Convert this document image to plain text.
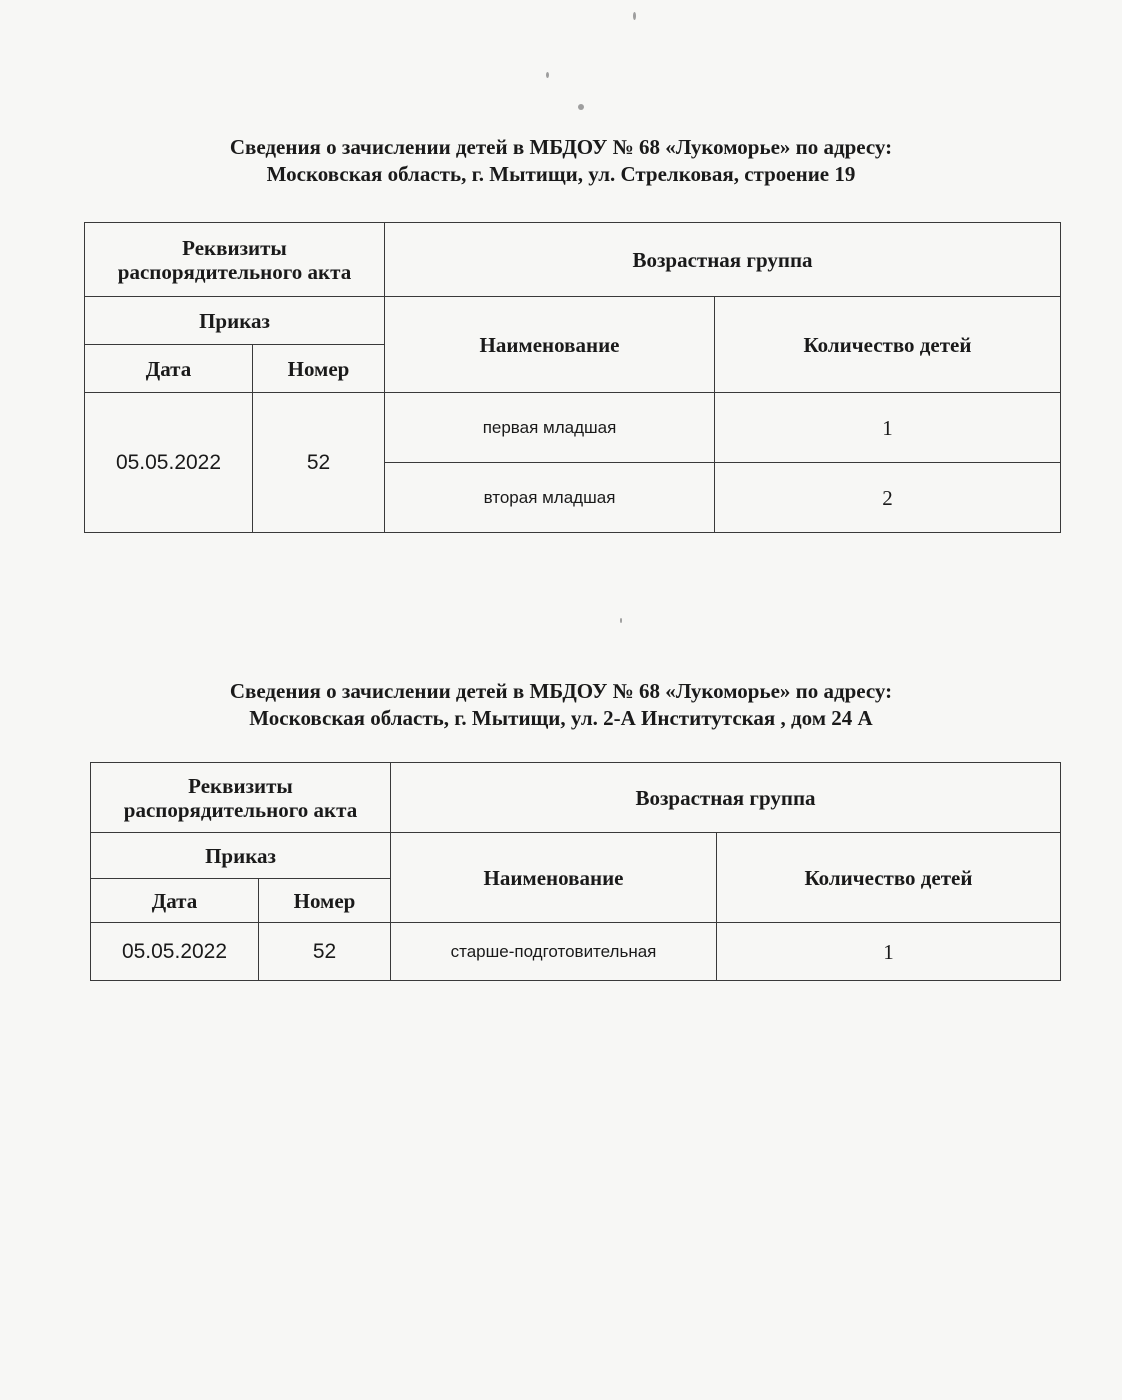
Сведения о зачислении детей в МБДОУ № 68 «Лукоморье» по адресу:
Московская область, г. Мытищи, ул. Стрелковая, строение 19
Реквизиты распорядительного акта		Возрастная группа	
Приказ		Наименование	Количество детей
Дата	Номер		
05.05.2022	52	первая младшая	1
		вторая младшая	2
Сведения о зачислении детей в МБДОУ № 68 «Лукоморье» по адресу:
Московская область, г. Мытищи, ул. 2-А Институтская , дом 24 А
Реквизиты распорядительного акта		Возрастная группа	
Приказ		Наименование	Количество детей
Дата	Номер		
05.05.2022	52	старше-подготовительная	1
